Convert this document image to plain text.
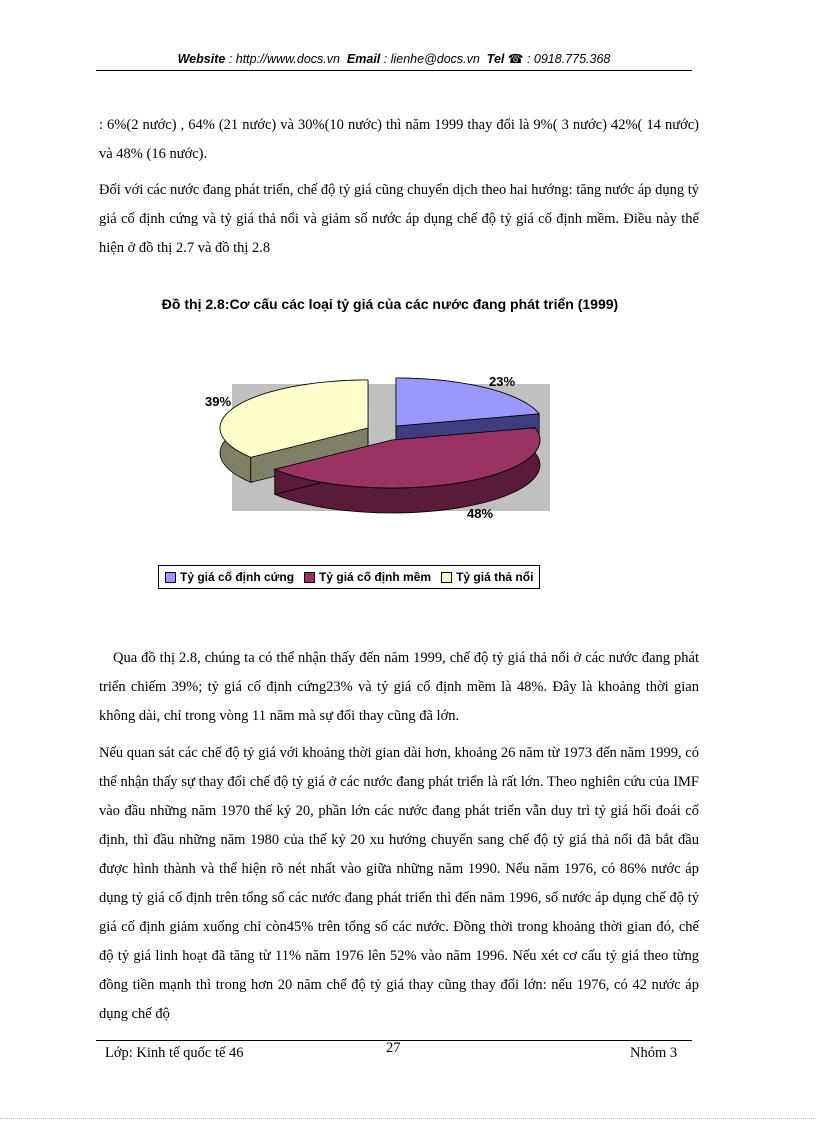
Website : http://www.docs.vn Email : lienhe@docs.vn Tel ☎ : 0918.775.368

: 6%(2 nước) , 64% (21 nước) và 30%(10 nước) thì năm 1999 thay đổi là 9%( 3 nước) 42%( 14 nước) và 48% (16 nước).

Đối với các nước đang phát triển, chế độ tỷ giá cũng chuyển dịch theo hai hướng: tăng nước áp dụng tỷ giá cố định cứng và tỷ giá thả nổi và giảm số nước áp dụng chế độ tỷ giá cố định mềm. Điều này thể hiện ở đồ thị 2.7 và đồ thị 2.8

Đồ thị 2.8:Cơ cấu các loại tỷ giá của các nước đang phát triển (1999)
23%
48%
39%
Tỷ giá cố định cứng Tỷ giá cố định mềm Tỷ giá thả nổi

Qua đồ thị 2.8, chúng ta có thể nhận thấy đến năm 1999, chế độ tỷ giá thả nổi ở các nước đang phát triển chiếm 39%; tỷ giá cố định cứng23% và tỷ giá cố định mềm là 48%. Đây là khoảng thời gian không dài, chỉ trong vòng 11 năm mà sự đổi thay cũng đã lớn.

Nếu quan sát các chế độ tỷ giá với khoảng thời gian dài hơn, khoảng 26 năm từ 1973 đến năm 1999, có thể nhận thấy sự thay đổi chế độ tỷ giá ở các nước đang phát triển là rất lớn. Theo nghiên cứu của IMF vào đầu những năm 1970 thế kỷ 20, phần lớn các nước đang phát triển vẫn duy trì tỷ giá hối đoái cố định, thì đầu những năm 1980 của thế kỷ 20 xu hướng chuyển sang chế độ tỷ giá thả nổi đã bắt đầu được hình thành và thể hiện rõ nét nhất vào giữa những năm 1990. Nếu năm 1976, có 86% nước áp dụng tỷ giá cố định trên tổng số các nước đang phát triển thì đến năm 1996, số nước áp dụng chế độ tỷ giá cố định giảm xuống chỉ còn45% trên tổng số các nước. Đồng thời trong khoảng thời gian đó, chế độ tỷ giá linh hoạt đã tăng từ 11% năm 1976 lên 52% vào năm 1996. Nếu xét cơ cấu tỷ giá theo từng đồng tiền mạnh thì trong hơn 20 năm chế độ tỷ giá thay cũng thay đổi lớn: nếu 1976, có 42 nước áp dụng chế độ

Lớp: Kinh tế quốc tế 46	27	Nhóm 3
